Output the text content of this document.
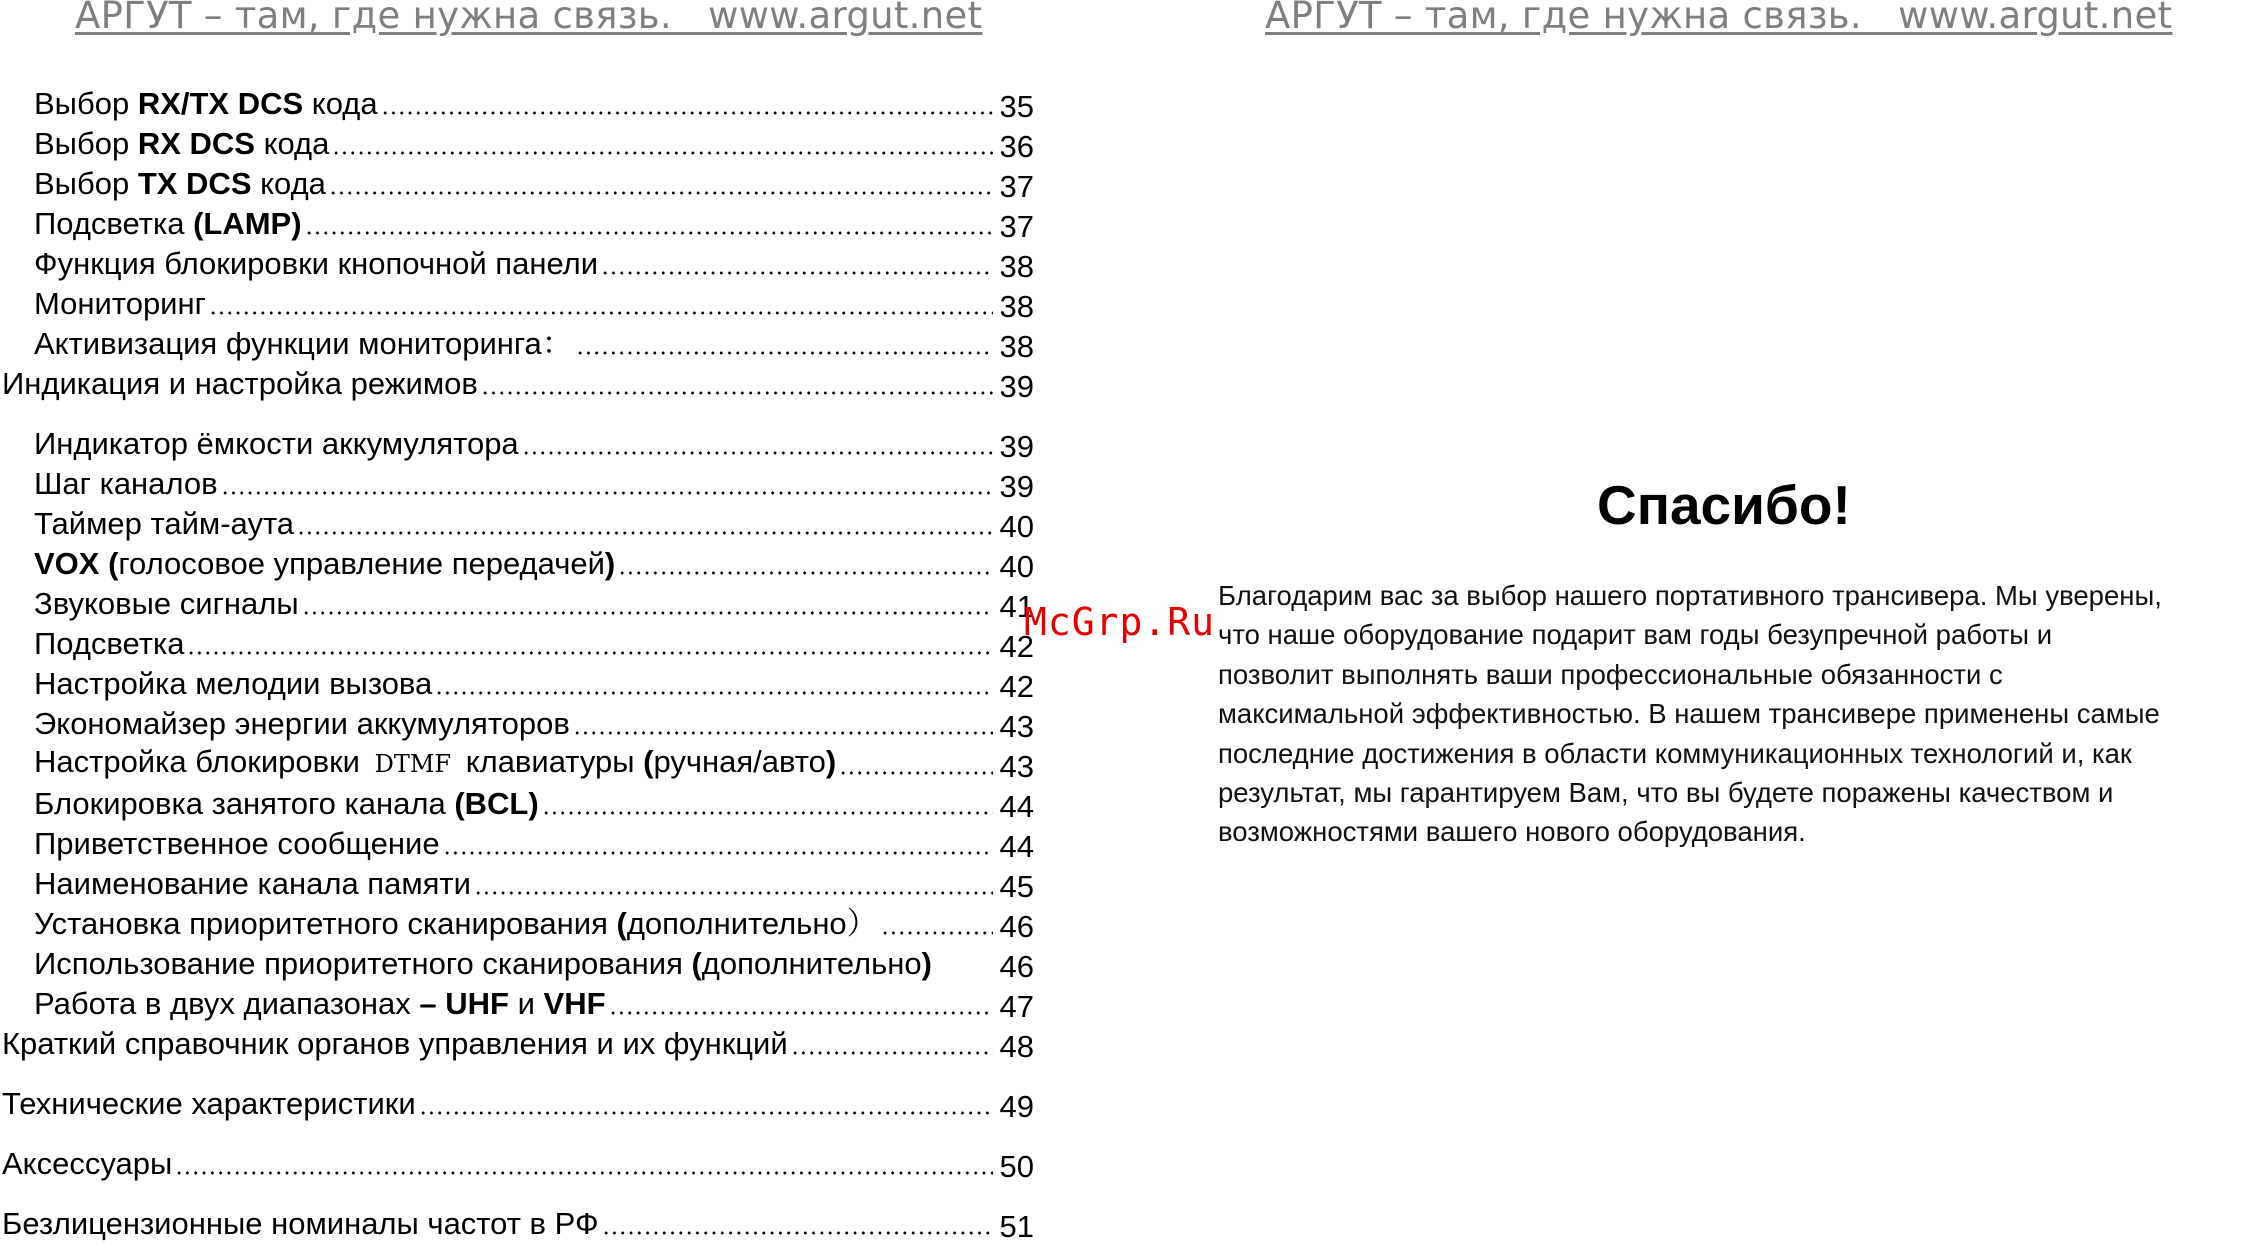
АРГУТ – там, где нужна связь.   www.argut.net	АРГУТ – там, где нужна связь.   www.argut.net
Выбор RX/TX DCS кода	35
Выбор RX DCS кода	36
Выбор TX DCS кода	37
Подсветка (LAMP)	37
Функция блокировки кнопочной панели	38
Мониторинг	38
Активизация функции мониторинга：	38
Индикация и настройка режимов	39
Индикатор ёмкости аккумулятора	39
Шаг каналов	39
Таймер тайм-аута	40
VOX (голосовое управление передачей)	40
Звуковые сигналы	41
Подсветка	42
Настройка мелодии вызова	42
Экономайзер энергии аккумуляторов	43
Настройка блокировки DTMF клавиатуры (ручная/авто)	43
Блокировка занятого канала (BCL)	44
Приветственное сообщение	44
Наименование канала памяти	45
Установка приоритетного сканирования (дополнительно）	46
Использование приоритетного сканирования (дополнительно) 46
Работа в двух диапазонах – UHF и VHF	47
Краткий справочник органов управления и их функций	48
Технические характеристики	49
Аксессуары	50
Безлицензионные номиналы частот в РФ	51
Спасибо!
Благодарим вас за выбор нашего портативного трансивера. Мы уверены,
что наше оборудование подарит вам годы безупречной работы и
позволит выполнять ваши профессиональные обязанности с
максимальной эффективностью. В нашем трансивере применены самые
последние достижения в области коммуникационных технологий и, как
результат, мы гарантируем Вам, что вы будете поражены качеством и
возможностями вашего нового оборудования.
McGrp.Ru
